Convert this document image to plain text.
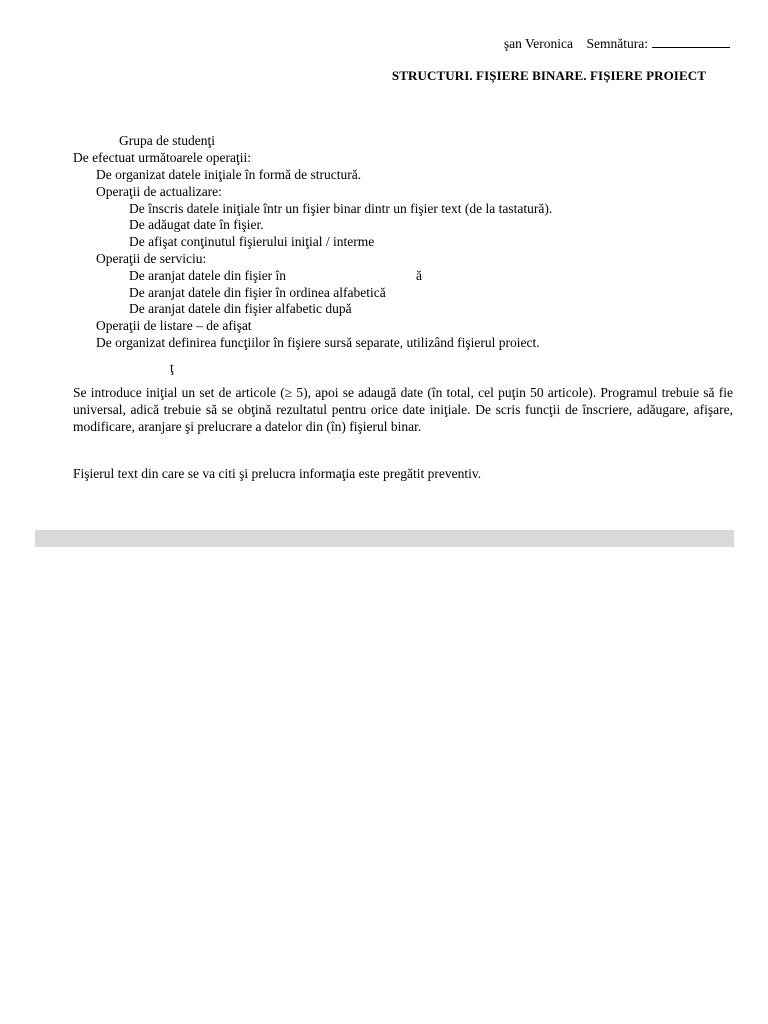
şan Veronica Semnătura:
STRUCTURI. FIŞIERE BINARE. FIŞIERE PROIECT
Grupa de studenţi
De efectuat următoarele operaţii:
De organizat datele iniţiale în formă de structură.
Operaţii de actualizare:
De înscris datele iniţiale într un fişier binar dintr un fişier text (de la tastatură).
De adăugat date în fişier.
De afişat conţinutul fişierului iniţial / interme
Operaţii de serviciu:
De aranjat datele din fişier în	ă
De aranjat datele din fişier în ordinea alfabetică
De aranjat datele din fişier alfabetic după
Operaţii de listare – de afişat
De organizat definirea funcţiilor în fişiere sursă separate, utilizând fişierul proiect.
ţ
Se introduce iniţial un set de articole (≥ 5), apoi se adaugă date (în total, cel puţin 50 articole). Programul trebuie să fie universal, adică trebuie să se obţină rezultatul pentru orice date iniţiale. De scris funcţii de înscriere, adăugare, afişare, modificare, aranjare şi prelucrare a datelor din (în) fişierul binar.
Fişierul text din care se va citi şi prelucra informaţia este pregătit preventiv.
